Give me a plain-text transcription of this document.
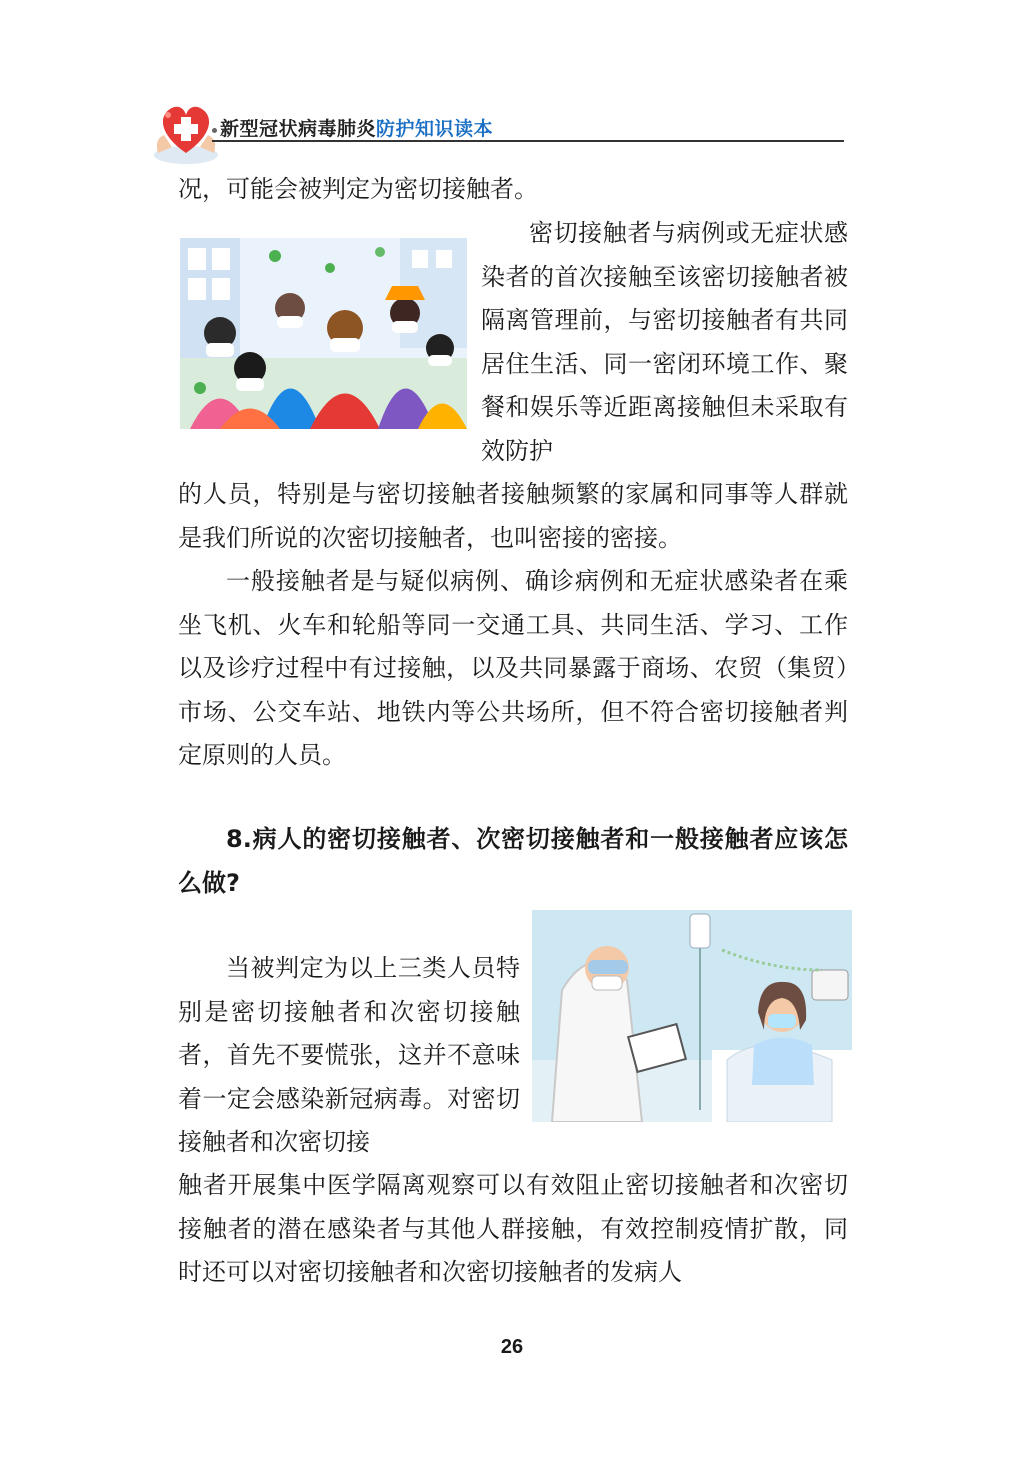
新型冠状病毒肺炎防护知识读本

况，可能会被判定为密切接触者。

密切接触者与病例或无症状感染者的首次接触至该密切接触者被隔离管理前，与密切接触者有共同居住生活、同一密闭环境工作、聚餐和娱乐等近距离接触但未采取有效防护

的人员，特别是与密切接触者接触频繁的家属和同事等人群就是我们所说的次密切接触者，也叫密接的密接。

一般接触者是与疑似病例、确诊病例和无症状感染者在乘坐飞机、火车和轮船等同一交通工具、共同生活、学习、工作以及诊疗过程中有过接触，以及共同暴露于商场、农贸（集贸）市场、公交车站、地铁内等公共场所，但不符合密切接触者判定原则的人员。

8.病人的密切接触者、次密切接触者和一般接触者应该怎么做?

当被判定为以上三类人员特别是密切接触者和次密切接触者，首先不要慌张，这并不意味着一定会感染新冠病毒。对密切接触者和次密切接

触者开展集中医学隔离观察可以有效阻止密切接触者和次密切接触者的潜在感染者与其他人群接触，有效控制疫情扩散，同时还可以对密切接触者和次密切接触者的发病人

26
